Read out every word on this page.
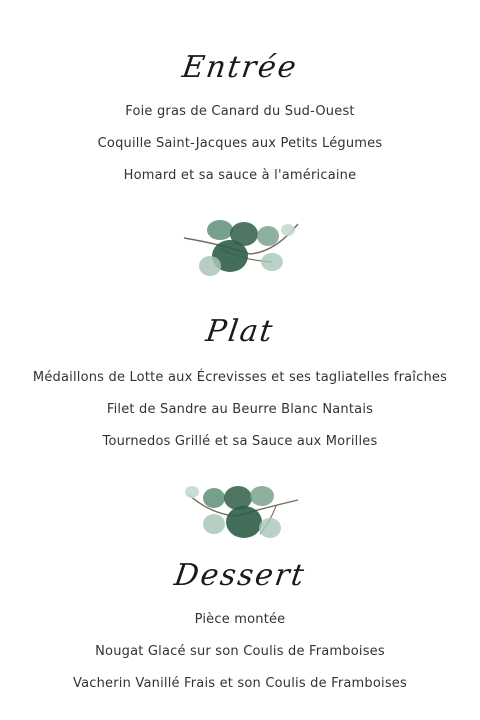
Entrée
Foie gras de Canard du Sud-Ouest
Coquille Saint-Jacques aux Petits Légumes
Homard et sa sauce à l'américaine
Plat
Médaillons de Lotte aux Écrevisses et ses tagliatelles fraîches
Filet de Sandre au Beurre Blanc Nantais
Tournedos Grillé et sa Sauce aux Morilles
Dessert
Pièce montée
Nougat Glacé sur son Coulis de Framboises
Vacherin Vanillé Frais et son Coulis de Framboises
